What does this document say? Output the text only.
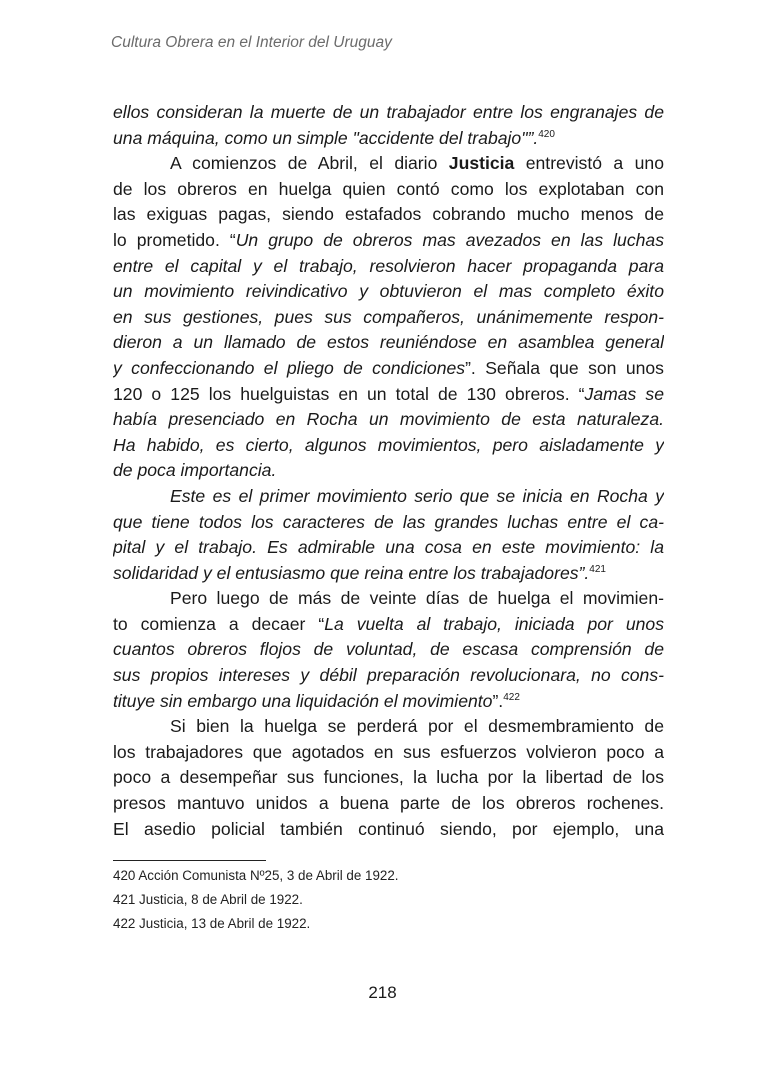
Cultura Obrera en el Interior del Uruguay
ellos consideran la muerte de un trabajador entre los engranajes de
una máquina, como un simple "accidente del trabajo"”.$^{420}$
A comienzos de Abril, el diario Justicia entrevistó a uno
de los obreros en huelga quien contó como los explotaban con
las exiguas pagas, siendo estafados cobrando mucho menos de
lo prometido. “Un grupo de obreros mas avezados en las luchas
entre el capital y el trabajo, resolvieron hacer propaganda para
un movimiento reivindicativo y obtuvieron el mas completo éxito
en sus gestiones, pues sus compañeros, unánimemente respon-
dieron a un llamado de estos reuniéndose en asamblea general
y confeccionando el pliego de condiciones”. Señala que son unos
120 o 125 los huelguistas en un total de 130 obreros. “Jamas se
había presenciado en Rocha un movimiento de esta naturaleza.
Ha habido, es cierto, algunos movimientos, pero aisladamente y
de poca importancia.
Este es el primer movimiento serio que se inicia en Rocha y
que tiene todos los caracteres de las grandes luchas entre el ca-
pital y el trabajo. Es admirable una cosa en este movimiento: la
solidaridad y el entusiasmo que reina entre los trabajadores”.$^{421}$
Pero luego de más de veinte días de huelga el movimien-
to comienza a decaer “La vuelta al trabajo, iniciada por unos
cuantos obreros flojos de voluntad, de escasa comprensión de
sus propios intereses y débil preparación revolucionara, no cons-
tituye sin embargo una liquidación el movimiento”.$^{422}$
Si bien la huelga se perderá por el desmembramiento de
los trabajadores que agotados en sus esfuerzos volvieron poco a
poco a desempeñar sus funciones, la lucha por la libertad de los
presos mantuvo unidos a buena parte de los obreros rochenes.
El asedio policial también continuó siendo, por ejemplo, una
420 Acción Comunista Nº25, 3 de Abril de 1922.
421 Justicia, 8 de Abril de 1922.
422 Justicia, 13 de Abril de 1922.
218
